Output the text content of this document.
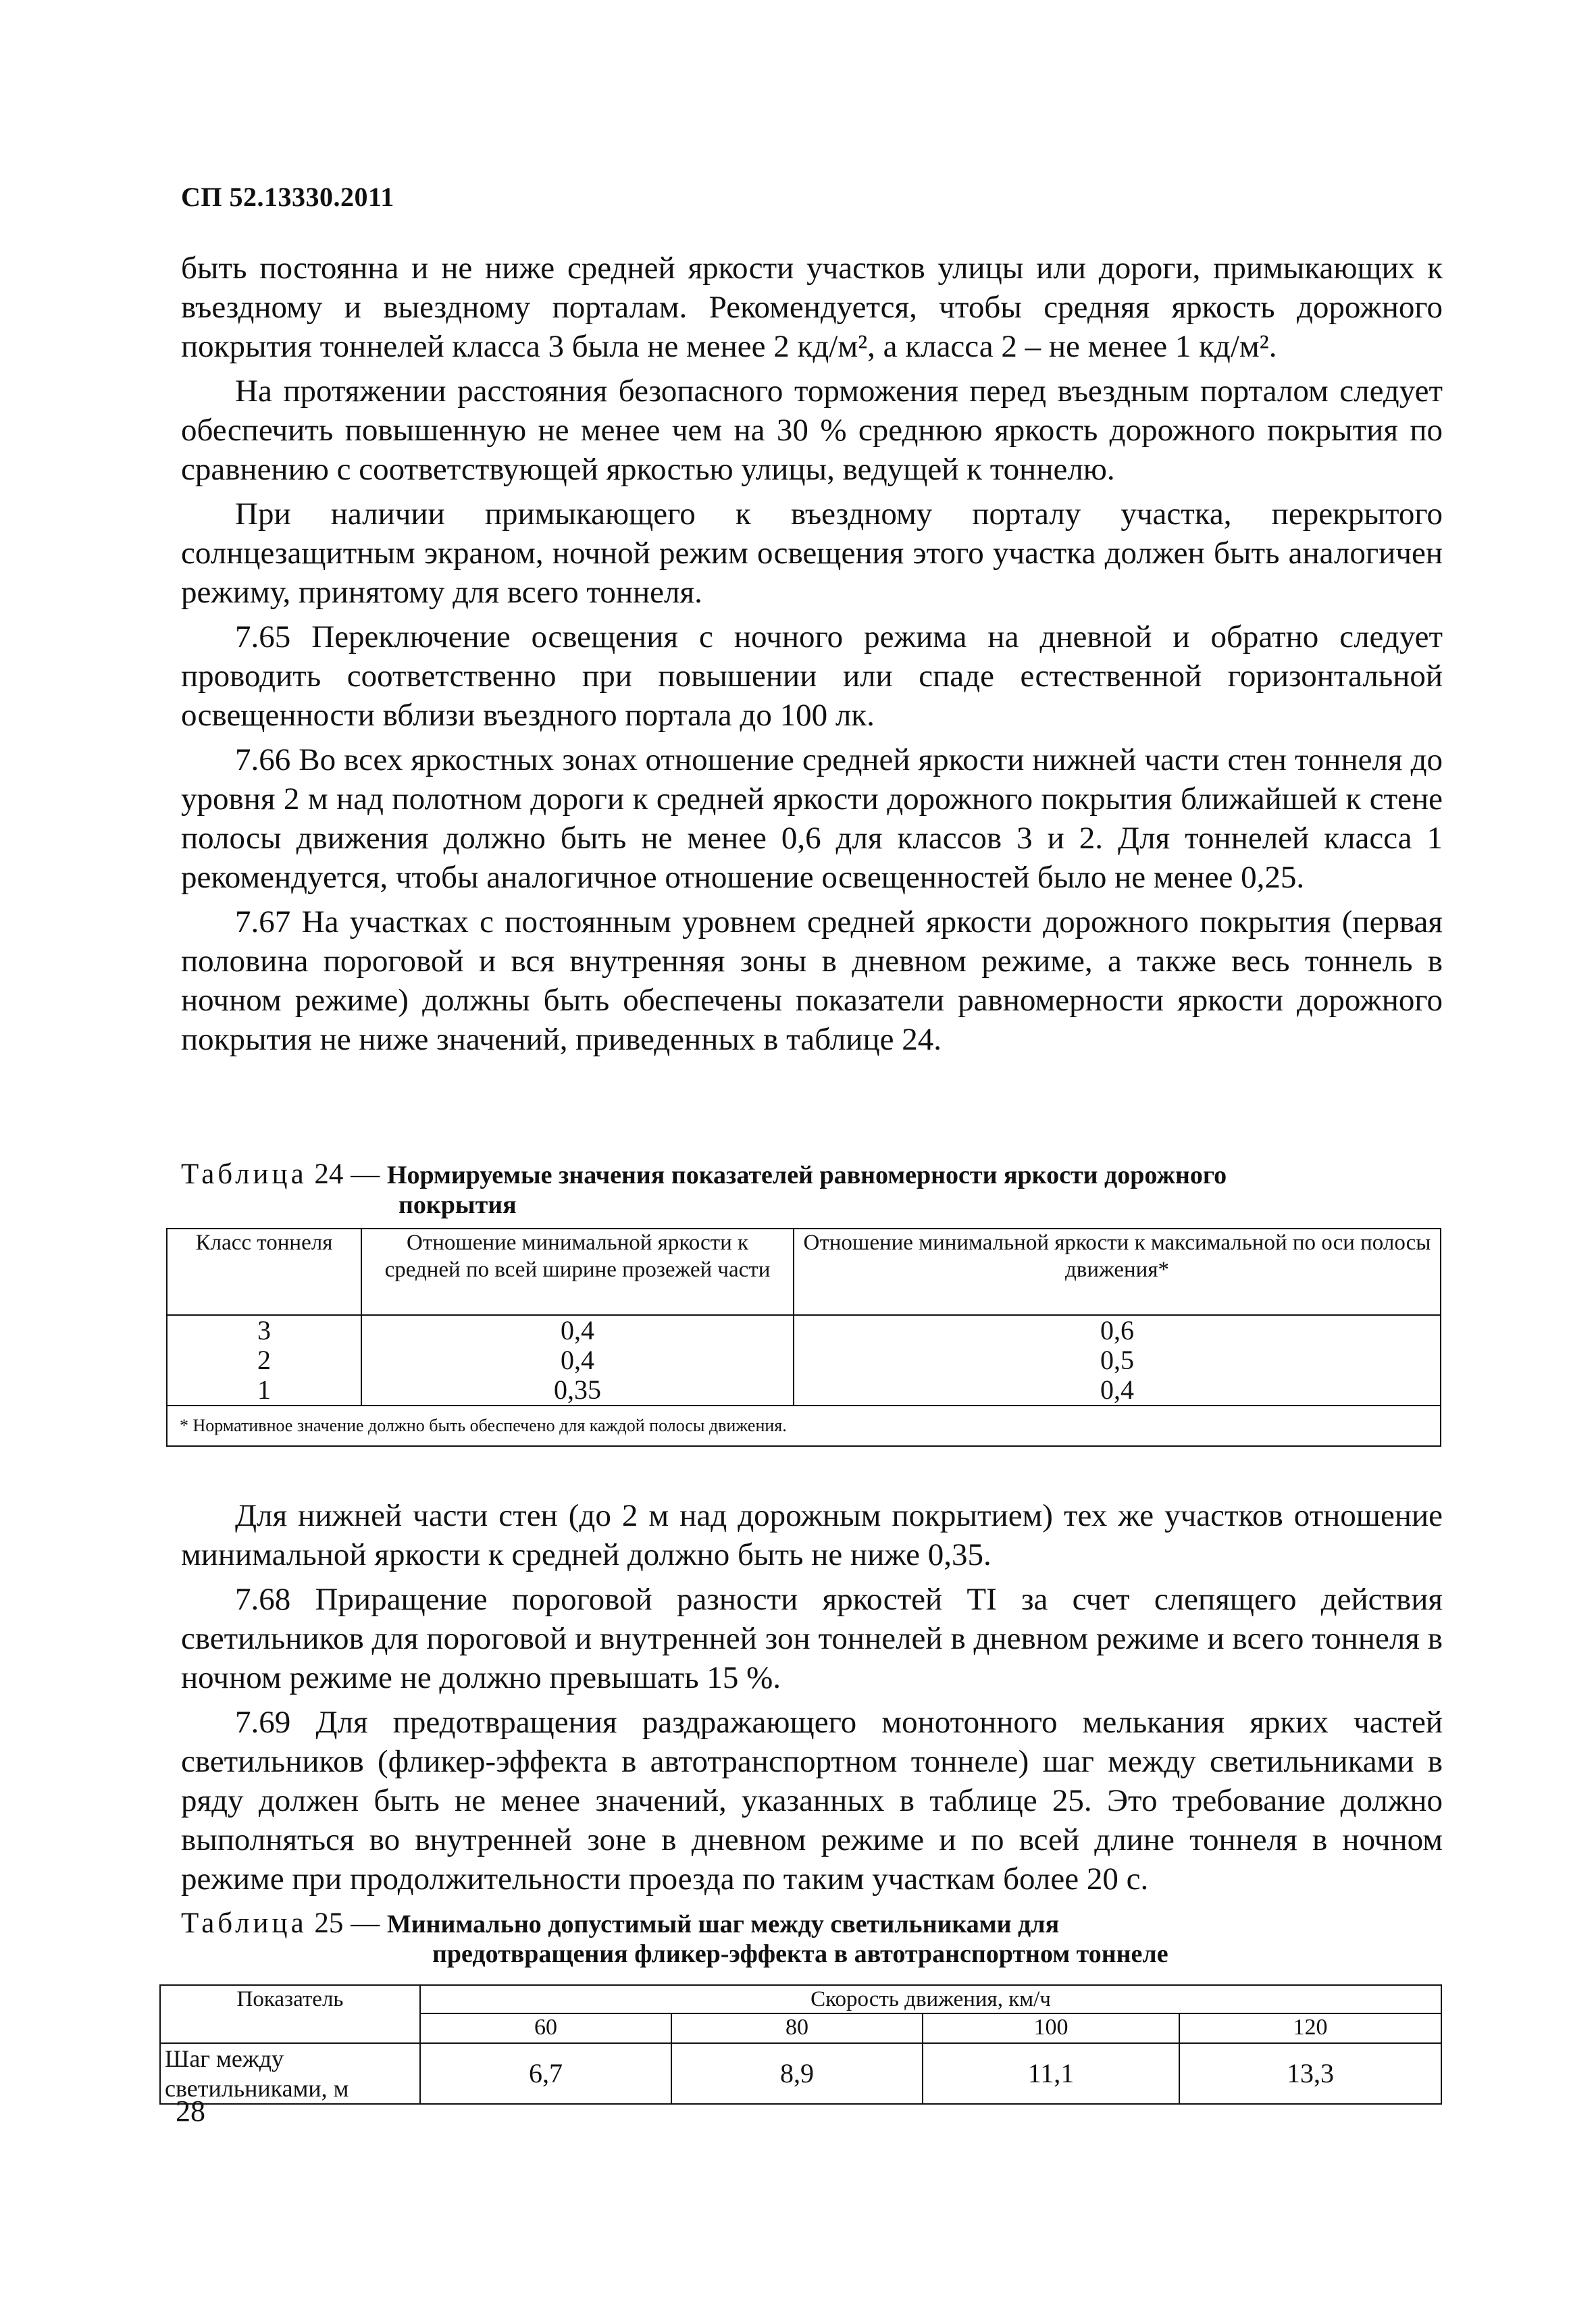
СП 52.13330.2011

быть постоянна и не ниже средней яркости участков улицы или дороги, примыкающих к въездному и выездному порталам. Рекомендуется, чтобы средняя яркость дорожного покрытия тоннелей класса 3 была не менее 2 кд/м², а класса 2 – не менее 1 кд/м².

На протяжении расстояния безопасного торможения перед въездным порталом следует обеспечить повышенную не менее чем на 30 % среднюю яркость дорожного покрытия по сравнению с соответствующей яркостью улицы, ведущей к тоннелю.

При наличии примыкающего к въездному порталу участка, перекрытого солнцезащитным экраном, ночной режим освещения этого участка должен быть аналогичен режиму, принятому для всего тоннеля.

7.65 Переключение освещения с ночного режима на дневной и обратно следует проводить соответственно при повышении или спаде естественной горизонтальной освещенности вблизи въездного портала до 100 лк.

7.66 Во всех яркостных зонах отношение средней яркости нижней части стен тоннеля до уровня 2 м над полотном дороги к средней яркости дорожного покрытия ближайшей к стене полосы движения должно быть не менее 0,6 для классов 3 и 2. Для тоннелей класса 1 рекомендуется, чтобы аналогичное отношение освещенностей было не менее 0,25.

7.67 На участках с постоянным уровнем средней яркости дорожного покрытия (первая половина пороговой и вся внутренняя зоны в дневном режиме, а также весь тоннель в ночном режиме) должны быть обеспечены показатели равномерности яркости дорожного покрытия не ниже значений, приведенных в таблице 24.

Таблица 24 — Нормируемые значения показателей равномерности яркости дорожного
покрытия
Класс тоннеля	Отношение минимальной яркости к средней по всей ширине прозежей части	Отношение минимальной яркости к максимальной по оси полосы движения*
3	0,4	0,6
2	0,4	0,5
1	0,35	0,4
* Нормативное значение должно быть обеспечено для каждой полосы движения.		

Для нижней части стен (до 2 м над дорожным покрытием) тех же участков отношение минимальной яркости к средней должно быть не ниже 0,35.

7.68 Приращение пороговой разности яркостей TI за счет слепящего действия светильников для пороговой и внутренней зон тоннелей в дневном режиме и всего тоннеля в ночном режиме не должно превышать 15 %.

7.69 Для предотвращения раздражающего монотонного мелькания ярких частей светильников (фликер-эффекта в автотранспортном тоннеле) шаг между светильниками в ряду должен быть не менее значений, указанных в таблице 25. Это требование должно выполняться во внутренней зоне в дневном режиме и по всей длине тоннеля в ночном режиме при продолжительности проезда по таким участкам более 20 с.

Таблица 25 — Минимально допустимый шаг между светильниками для
предотвращения фликер-эффекта в автотранспортном тоннеле
Показатель	Скорость движения, км/ч			
	60	80	100	120
Шаг между светильниками, м	6,7	8,9	11,1	13,3
28
